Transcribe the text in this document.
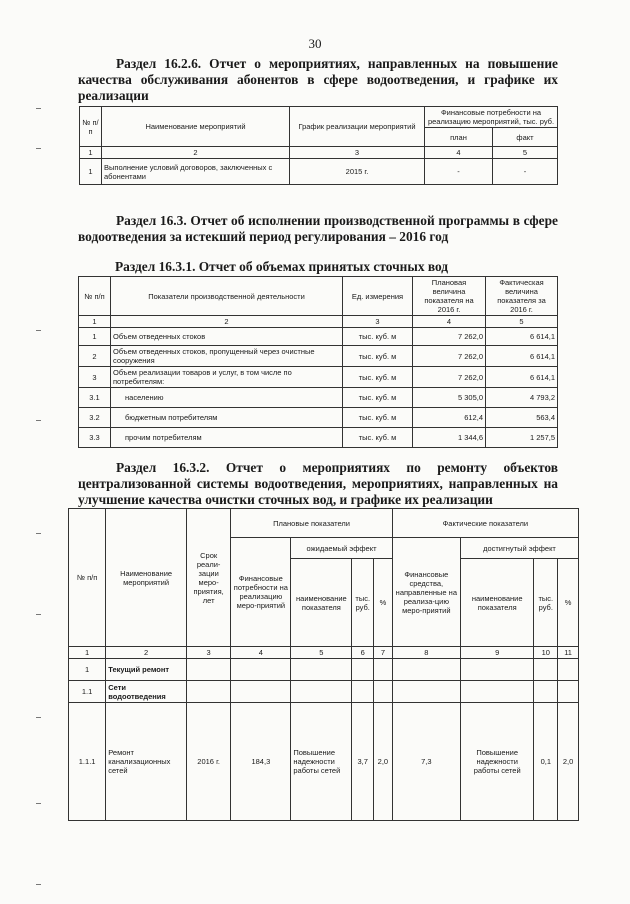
30
Раздел 16.2.6. Отчет о мероприятиях, направленных на повышение качества обслуживания абонентов в сфере водоотведения, и графике их реализации
№ п/п	Наименование мероприятий	График реализации мероприятий	Финансовые потребности на реализацию мероприятий, тыс. руб.	
			план	факт
1	2	3	4	5
1	Выполнение условий договоров, заключенных с абонентами	2015 г.	-	-
Раздел 16.3. Отчет об исполнении производственной программы в сфере водоотведения за истекший период регулирования – 2016 год
Раздел 16.3.1. Отчет об объемах принятых сточных вод
№ п/п	Показатели производственной деятельности	Ед. измерения	Плановая величина показателя на 2016 г.	Фактическая величина показателя за 2016 г.
1	2	3	4	5
1	Объем отведенных стоков	тыс. куб. м	7 262,0	6 614,1
2	Объем отведенных стоков, пропущенный через очистные сооружения	тыс. куб. м	7 262,0	6 614,1
3	Объем реализации товаров и услуг, в том числе по потребителям:	тыс. куб. м	7 262,0	6 614,1
3.1	населению	тыс. куб. м	5 305,0	4 793,2
3.2	бюджетным потребителям	тыс. куб. м	612,4	563,4
3.3	прочим потребителям	тыс. куб. м	1 344,6	1 257,5
Раздел 16.3.2. Отчет о мероприятиях по ремонту объектов централизованной системы водоотведения, мероприятиях, направленных на улучшение качества очистки сточных вод, и графике их реализации
№ п/п	Наименование мероприятий	Срок реали-зации меро-приятия, лет	Плановые показатели				Фактические показатели			
			Финансовые потребности на реализацию меро-приятий	ожидаемый эффект			Финансовые средства, направленные на реализа-цию меро-приятий	достигнутый эффект		
				наименование показателя	тыс. руб.	%		наименование показателя	тыс. руб.	%
1	2	3	4	5	6	7	8	9	10	11
1	Текущий ремонт									
1.1	Сети водоотведения									
1.1.1	Ремонт канализационных сетей	2016 г.	184,3	Повышение надежности работы сетей	3,7	2,0	7,3	Повышение надежности работы сетей	0,1	2,0
